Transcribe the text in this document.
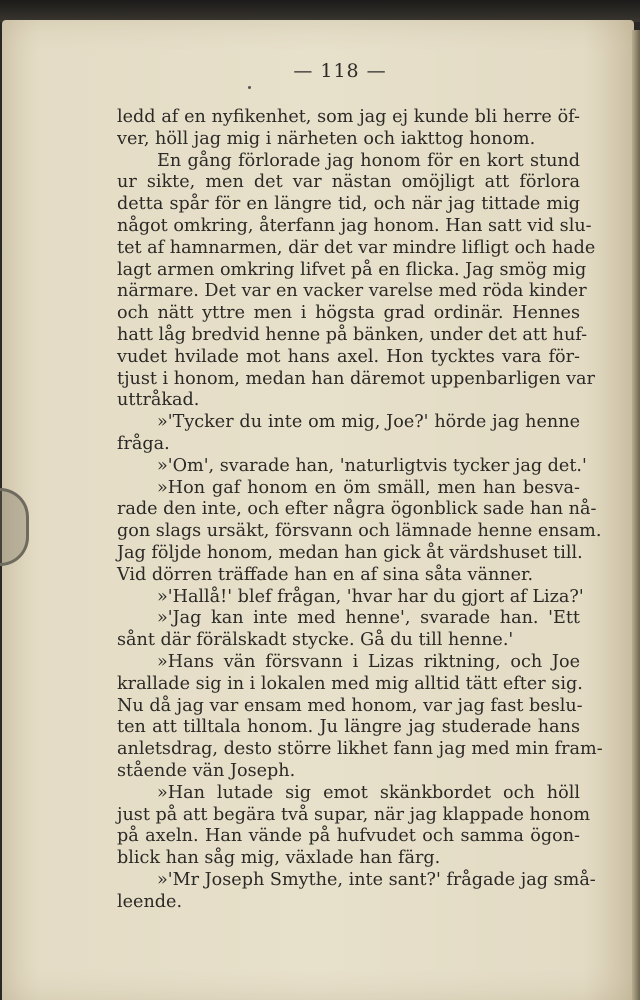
— 118 —
ledd af en nyfikenhet, som jag ej kunde bli herre öf-
ver, höll jag mig i närheten och iakttog honom.
En gång förlorade jag honom för en kort stund
ur sikte, men det var nästan omöjligt att förlora
detta spår för en längre tid, och när jag tittade mig
något omkring, återfann jag honom. Han satt vid slu-
tet af hamnarmen, där det var mindre lifligt och hade
lagt armen omkring lifvet på en flicka. Jag smög mig
närmare. Det var en vacker varelse med röda kinder
och nätt yttre men i högsta grad ordinär. Hennes
hatt låg bredvid henne på bänken, under det att huf-
vudet hvilade mot hans axel. Hon tycktes vara för-
tjust i honom, medan han däremot uppenbarligen var
uttråkad.
»'Tycker du inte om mig, Joe?' hörde jag henne
fråga.
»'Om', svarade han, 'naturligtvis tycker jag det.'
»Hon gaf honom en öm smäll, men han besva-
rade den inte, och efter några ögonblick sade han nå-
gon slags ursäkt, försvann och lämnade henne ensam.
Jag följde honom, medan han gick åt värdshuset till.
Vid dörren träffade han en af sina såta vänner.
»'Hallå!' blef frågan, 'hvar har du gjort af Liza?'
»'Jag kan inte med henne', svarade han. 'Ett
sånt där förälskadt stycke. Gå du till henne.'
»Hans vän försvann i Lizas riktning, och Joe
krallade sig in i lokalen med mig alltid tätt efter sig.
Nu då jag var ensam med honom, var jag fast beslu-
ten att tilltala honom. Ju längre jag studerade hans
anletsdrag, desto större likhet fann jag med min fram-
stående vän Joseph.
»Han lutade sig emot skänkbordet och höll
just på att begära två supar, när jag klappade honom
på axeln. Han vände på hufvudet och samma ögon-
blick han såg mig, växlade han färg.
»'Mr Joseph Smythe, inte sant?' frågade jag små-
leende.
